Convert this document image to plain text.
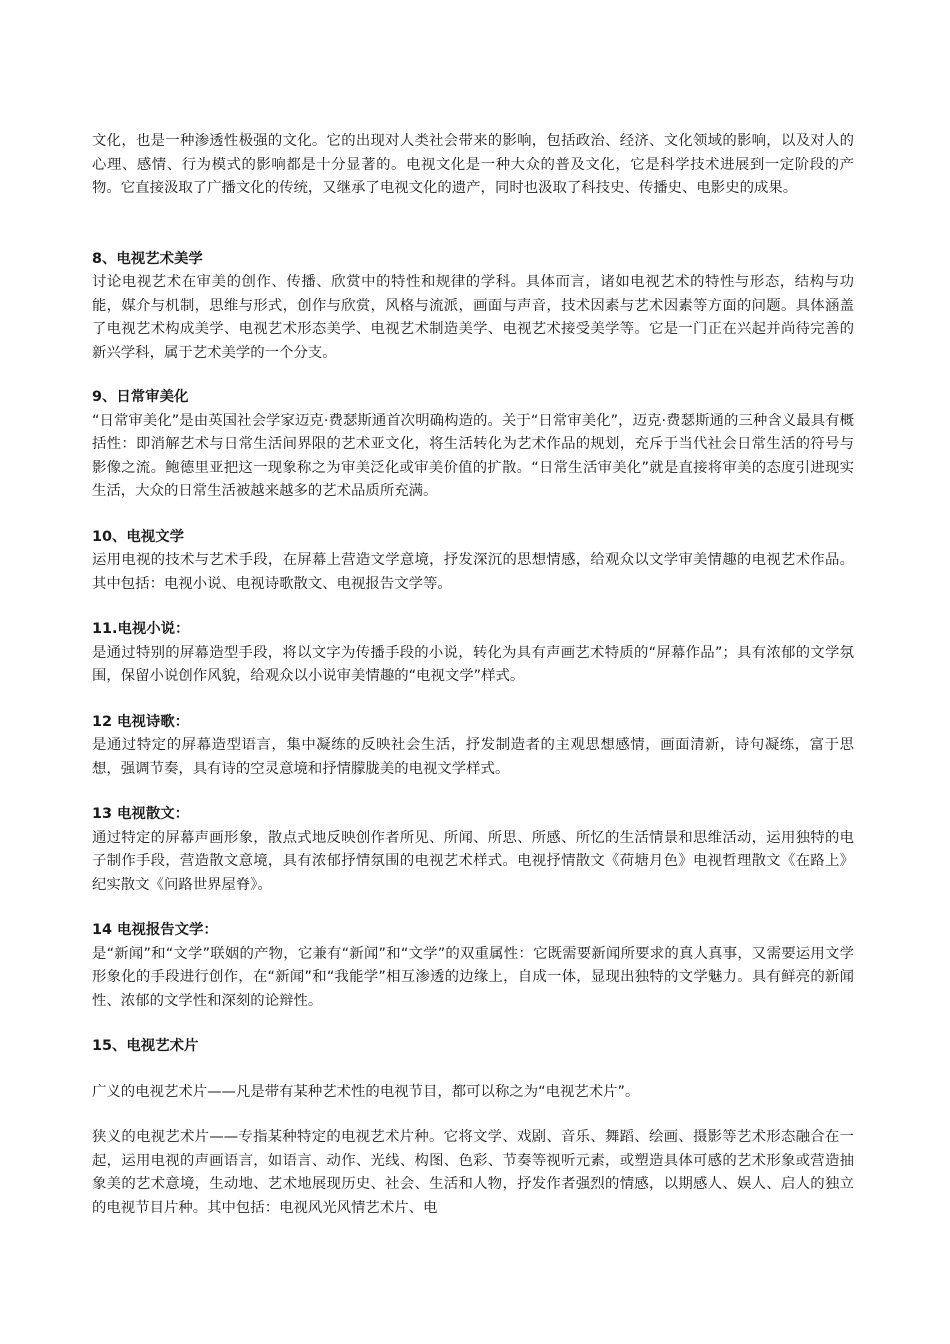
文化，也是一种渗透性极强的文化。它的出现对人类社会带来的影响，包括政治、经济、文化领域的影响，以及对人的心理、感情、行为模式的影响都是十分显著的。电视文化是一种大众的普及文化，它是科学技术进展到一定阶段的产物。它直接汲取了广播文化的传统，又继承了电视文化的遗产，同时也汲取了科技史、传播史、电影史的成果。

8、电视艺术美学

讨论电视艺术在审美的创作、传播、欣赏中的特性和规律的学科。具体而言，诸如电视艺术的特性与形态，结构与功能，媒介与机制，思维与形式，创作与欣赏，风格与流派，画面与声音，技术因素与艺术因素等方面的问题。具体涵盖了电视艺术构成美学、电视艺术形态美学、电视艺术制造美学、电视艺术接受美学等。它是一门正在兴起并尚待完善的新兴学科，属于艺术美学的一个分支。

9、日常审美化

“日常审美化”是由英国社会学家迈克·费瑟斯通首次明确构造的。关于“日常审美化”，迈克·费瑟斯通的三种含义最具有概括性：即消解艺术与日常生活间界限的艺术亚文化，将生活转化为艺术作品的规划，充斥于当代社会日常生活的符号与影像之流。鲍德里亚把这一现象称之为审美泛化或审美价值的扩散。“日常生活审美化”就是直接将审美的态度引进现实生活，大众的日常生活被越来越多的艺术品质所充满。

10、电视文学

运用电视的技术与艺术手段，在屏幕上营造文学意境，抒发深沉的思想情感，给观众以文学审美情趣的电视艺术作品。其中包括：电视小说、电视诗歌散文、电视报告文学等。

11.电视小说：

是通过特别的屏幕造型手段，将以文字为传播手段的小说，转化为具有声画艺术特质的“屏幕作品”；具有浓郁的文学氛围，保留小说创作风貌，给观众以小说审美情趣的“电视文学”样式。

12 电视诗歌：

是通过特定的屏幕造型语言，集中凝练的反映社会生活，抒发制造者的主观思想感情，画面清新，诗句凝练，富于思想，强调节奏，具有诗的空灵意境和抒情朦胧美的电视文学样式。

13 电视散文：

通过特定的屏幕声画形象，散点式地反映创作者所见、所闻、所思、所感、所忆的生活情景和思维活动，运用独特的电子制作手段，营造散文意境，具有浓郁抒情氛围的电视艺术样式。电视抒情散文《荷塘月色》电视哲理散文《在路上》纪实散文《问路世界屋脊》。

14 电视报告文学：

是“新闻”和“文学”联姻的产物，它兼有“新闻”和“文学”的双重属性：它既需要新闻所要求的真人真事，又需要运用文学形象化的手段进行创作，在“新闻”和“我能学”相互渗透的边缘上，自成一体，显现出独特的文学魅力。具有鲜亮的新闻性、浓郁的文学性和深刻的论辩性。

15、电视艺术片

广义的电视艺术片——凡是带有某种艺术性的电视节目，都可以称之为“电视艺术片”。

狭义的电视艺术片——专指某种特定的电视艺术片种。它将文学、戏剧、音乐、舞蹈、绘画、摄影等艺术形态融合在一起，运用电视的声画语言，如语言、动作、光线、构图、色彩、节奏等视听元素，或塑造具体可感的艺术形象或营造抽象美的艺术意境，生动地、艺术地展现历史、社会、生活和人物，抒发作者强烈的情感，以期感人、娱人、启人的独立的电视节目片种。其中包括：电视风光风情艺术片、电
